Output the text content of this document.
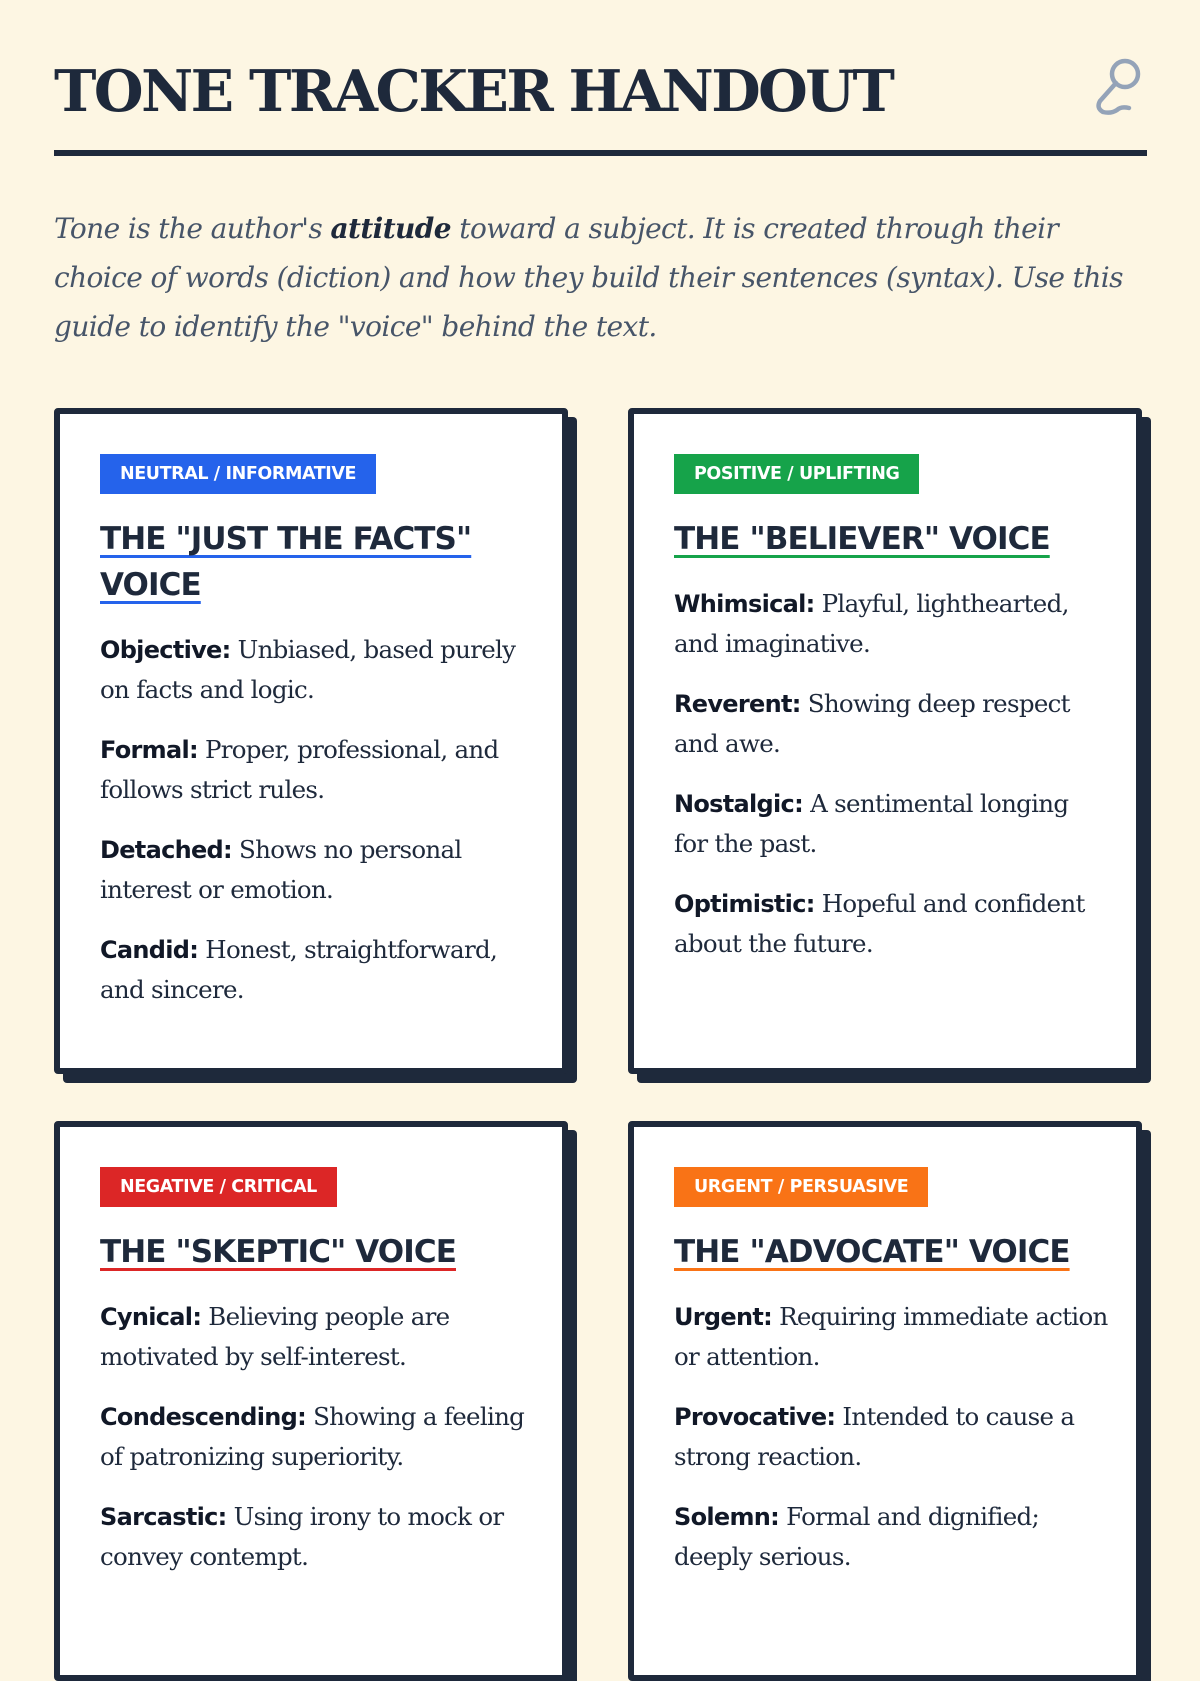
TONE TRACKER HANDOUT

Tone is the author's attitude toward a subject. It is created through their choice of words (diction) and how they build their sentences (syntax). Use this guide to identify the "voice" behind the text.

NEUTRAL / INFORMATIVE
THE "JUST THE FACTS" VOICE
Objective: Unbiased, based purely on facts and logic.
Formal: Proper, professional, and follows strict rules.
Detached: Shows no personal interest or emotion.
Candid: Honest, straightforward, and sincere.
POSITIVE / UPLIFTING
THE "BELIEVER" VOICE
Whimsical: Playful, lighthearted, and imaginative.
Reverent: Showing deep respect and awe.
Nostalgic: A sentimental longing for the past.
Optimistic: Hopeful and confident about the future.
NEGATIVE / CRITICAL
THE "SKEPTIC" VOICE
Cynical: Believing people are motivated by self-interest.
Condescending: Showing a feeling of patronizing superiority.
Sarcastic: Using irony to mock or convey contempt.
URGENT / PERSUASIVE
THE "ADVOCATE" VOICE
Urgent: Requiring immediate action or attention.
Provocative: Intended to cause a strong reaction.
Solemn: Formal and dignified; deeply serious.
